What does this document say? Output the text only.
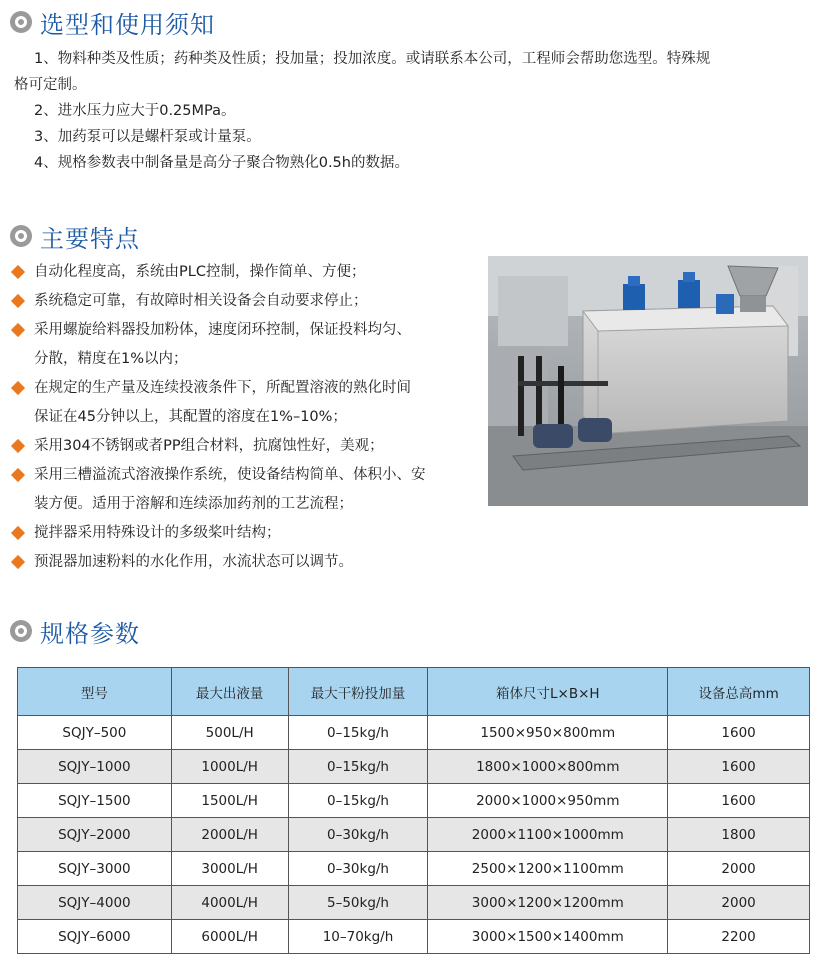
选型和使用须知
1、物料种类及性质；药种类及性质；投加量；投加浓度。或请联系本公司，工程师会帮助您选型。特殊规
格可定制。
2、进水压力应大于0.25MPa。
3、加药泵可以是螺杆泵或计量泵。
4、规格参数表中制备量是高分子聚合物熟化0.5h的数据。
主要特点
自动化程度高，系统由PLC控制，操作简单、方便；
系统稳定可靠，有故障时相关设备会自动要求停止；
采用螺旋给料器投加粉体，速度闭环控制，保证投料均匀、
分散，精度在1%以内；
在规定的生产量及连续投液条件下，所配置溶液的熟化时间
保证在45分钟以上，其配置的溶度在1%–10%；
采用304不锈钢或者PP组合材料，抗腐蚀性好，美观；
采用三槽溢流式溶液操作系统，使设备结构简单、体积小、安
装方便。适用于溶解和连续添加药剂的工艺流程；
搅拌器采用特殊设计的多级桨叶结构；
预混器加速粉料的水化作用，水流状态可以调节。
规格参数
型号	最大出液量	最大干粉投加量	箱体尺寸L×B×H	设备总高mm
SQJY–500	500L/H	0–15kg/h	1500×950×800mm	1600
SQJY–1000	1000L/H	0–15kg/h	1800×1000×800mm	1600
SQJY–1500	1500L/H	0–15kg/h	2000×1000×950mm	1600
SQJY–2000	2000L/H	0–30kg/h	2000×1100×1000mm	1800
SQJY–3000	3000L/H	0–30kg/h	2500×1200×1100mm	2000
SQJY–4000	4000L/H	5–50kg/h	3000×1200×1200mm	2000
SQJY–6000	6000L/H	10–70kg/h	3000×1500×1400mm	2200
